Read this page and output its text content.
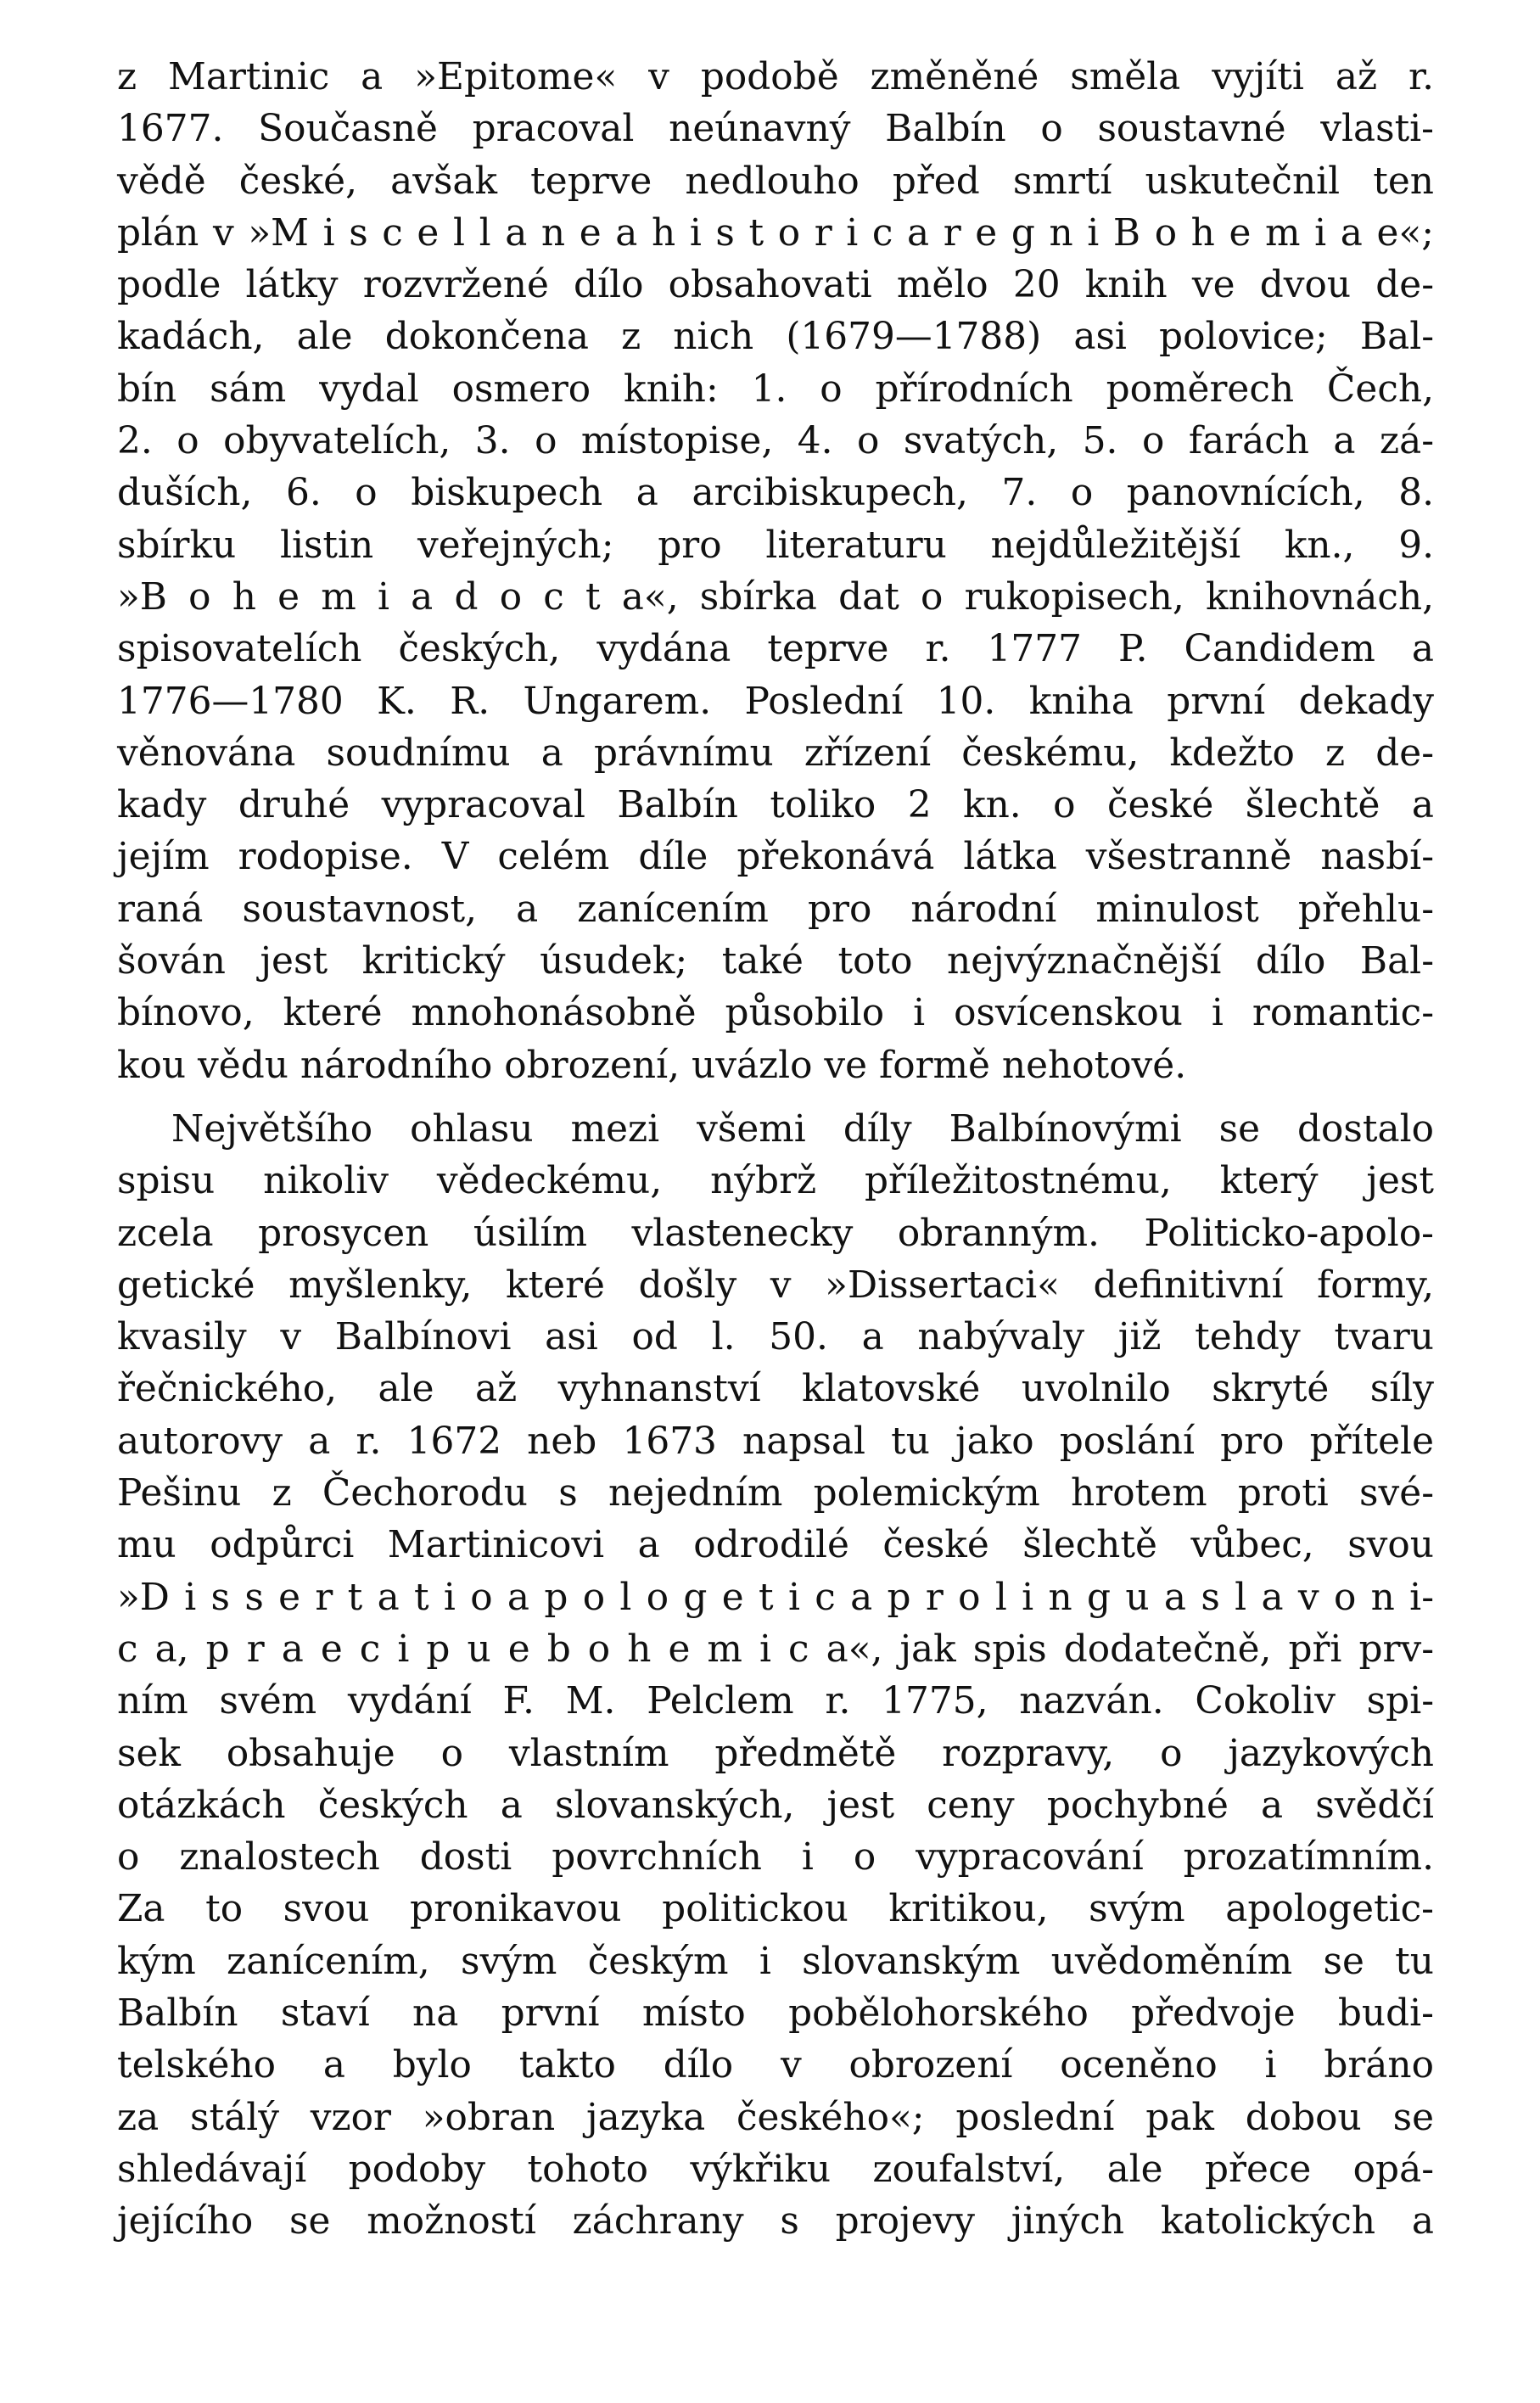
z Martinic a »Epitome« v podobě změněné směla vyjíti až r.
1677. Současně pracoval neúnavný Balbín o soustavné vlasti-
vědě české, avšak teprve nedlouho před smrtí uskutečnil ten
plán v »M i s c e l l a n e a h i s t o r i c a r e g n i B o h e m i a e«;
podle látky rozvržené dílo obsahovati mělo 20 knih ve dvou de-
kadách, ale dokončena z nich (1679—1788) asi polovice; Bal-
bín sám vydal osmero knih: 1. o přírodních poměrech Čech,
2. o obyvatelích, 3. o místopise, 4. o svatých, 5. o farách a zá-
duších, 6. o biskupech a arcibiskupech, 7. o panovnících, 8.
sbírku listin veřejných; pro literaturu nejdůležitější kn., 9.
»B o h e m i a d o c t a«, sbírka dat o rukopisech, knihovnách,
spisovatelích českých, vydána teprve r. 1777 P. Candidem a
1776—1780 K. R. Ungarem. Poslední 10. kniha první dekady
věnována soudnímu a právnímu zřízení českému, kdežto z de-
kady druhé vypracoval Balbín toliko 2 kn. o české šlechtě a
jejím rodopise. V celém díle překonává látka všestranně nasbí-
raná soustavnost, a zanícením pro národní minulost přehlu-
šován jest kritický úsudek; také toto nejvýznačnější dílo Bal-
bínovo, které mnohonásobně působilo i osvícenskou i romantic-
kou vědu národního obrození, uvázlo ve formě nehotové.
Největšího ohlasu mezi všemi díly Balbínovými se dostalo
spisu nikoliv vědeckému, nýbrž příležitostnému, který jest
zcela prosycen úsilím vlastenecky obranným. Politicko-apolo-
getické myšlenky, které došly v »Dissertaci« definitivní formy,
kvasily v Balbínovi asi od l. 50. a nabývaly již tehdy tvaru
řečnického, ale až vyhnanství klatovské uvolnilo skryté síly
autorovy a r. 1672 neb 1673 napsal tu jako poslání pro přítele
Pešinu z Čechorodu s nejedním polemickým hrotem proti své-
mu odpůrci Martinicovi a odrodilé české šlechtě vůbec, svou
»D i s s e r t a t i o a p o l o g e t i c a p r o l i n g u a s l a v o n i-
c a, p r a e c i p u e b o h e m i c a«, jak spis dodatečně, při prv-
ním svém vydání F. M. Pelclem r. 1775, nazván. Cokoliv spi-
sek obsahuje o vlastním předmětě rozpravy, o jazykových
otázkách českých a slovanských, jest ceny pochybné a svědčí
o znalostech dosti povrchních i o vypracování prozatímním.
Za to svou pronikavou politickou kritikou, svým apologetic-
kým zanícením, svým českým i slovanským uvědoměním se tu
Balbín staví na první místo pobělohorského předvoje budi-
telského a bylo takto dílo v obrození oceněno i bráno
za stálý vzor »obran jazyka českého«; poslední pak dobou se
shledávají podoby tohoto výkřiku zoufalství, ale přece opá-
jejícího se možností záchrany s projevy jiných katolických a
